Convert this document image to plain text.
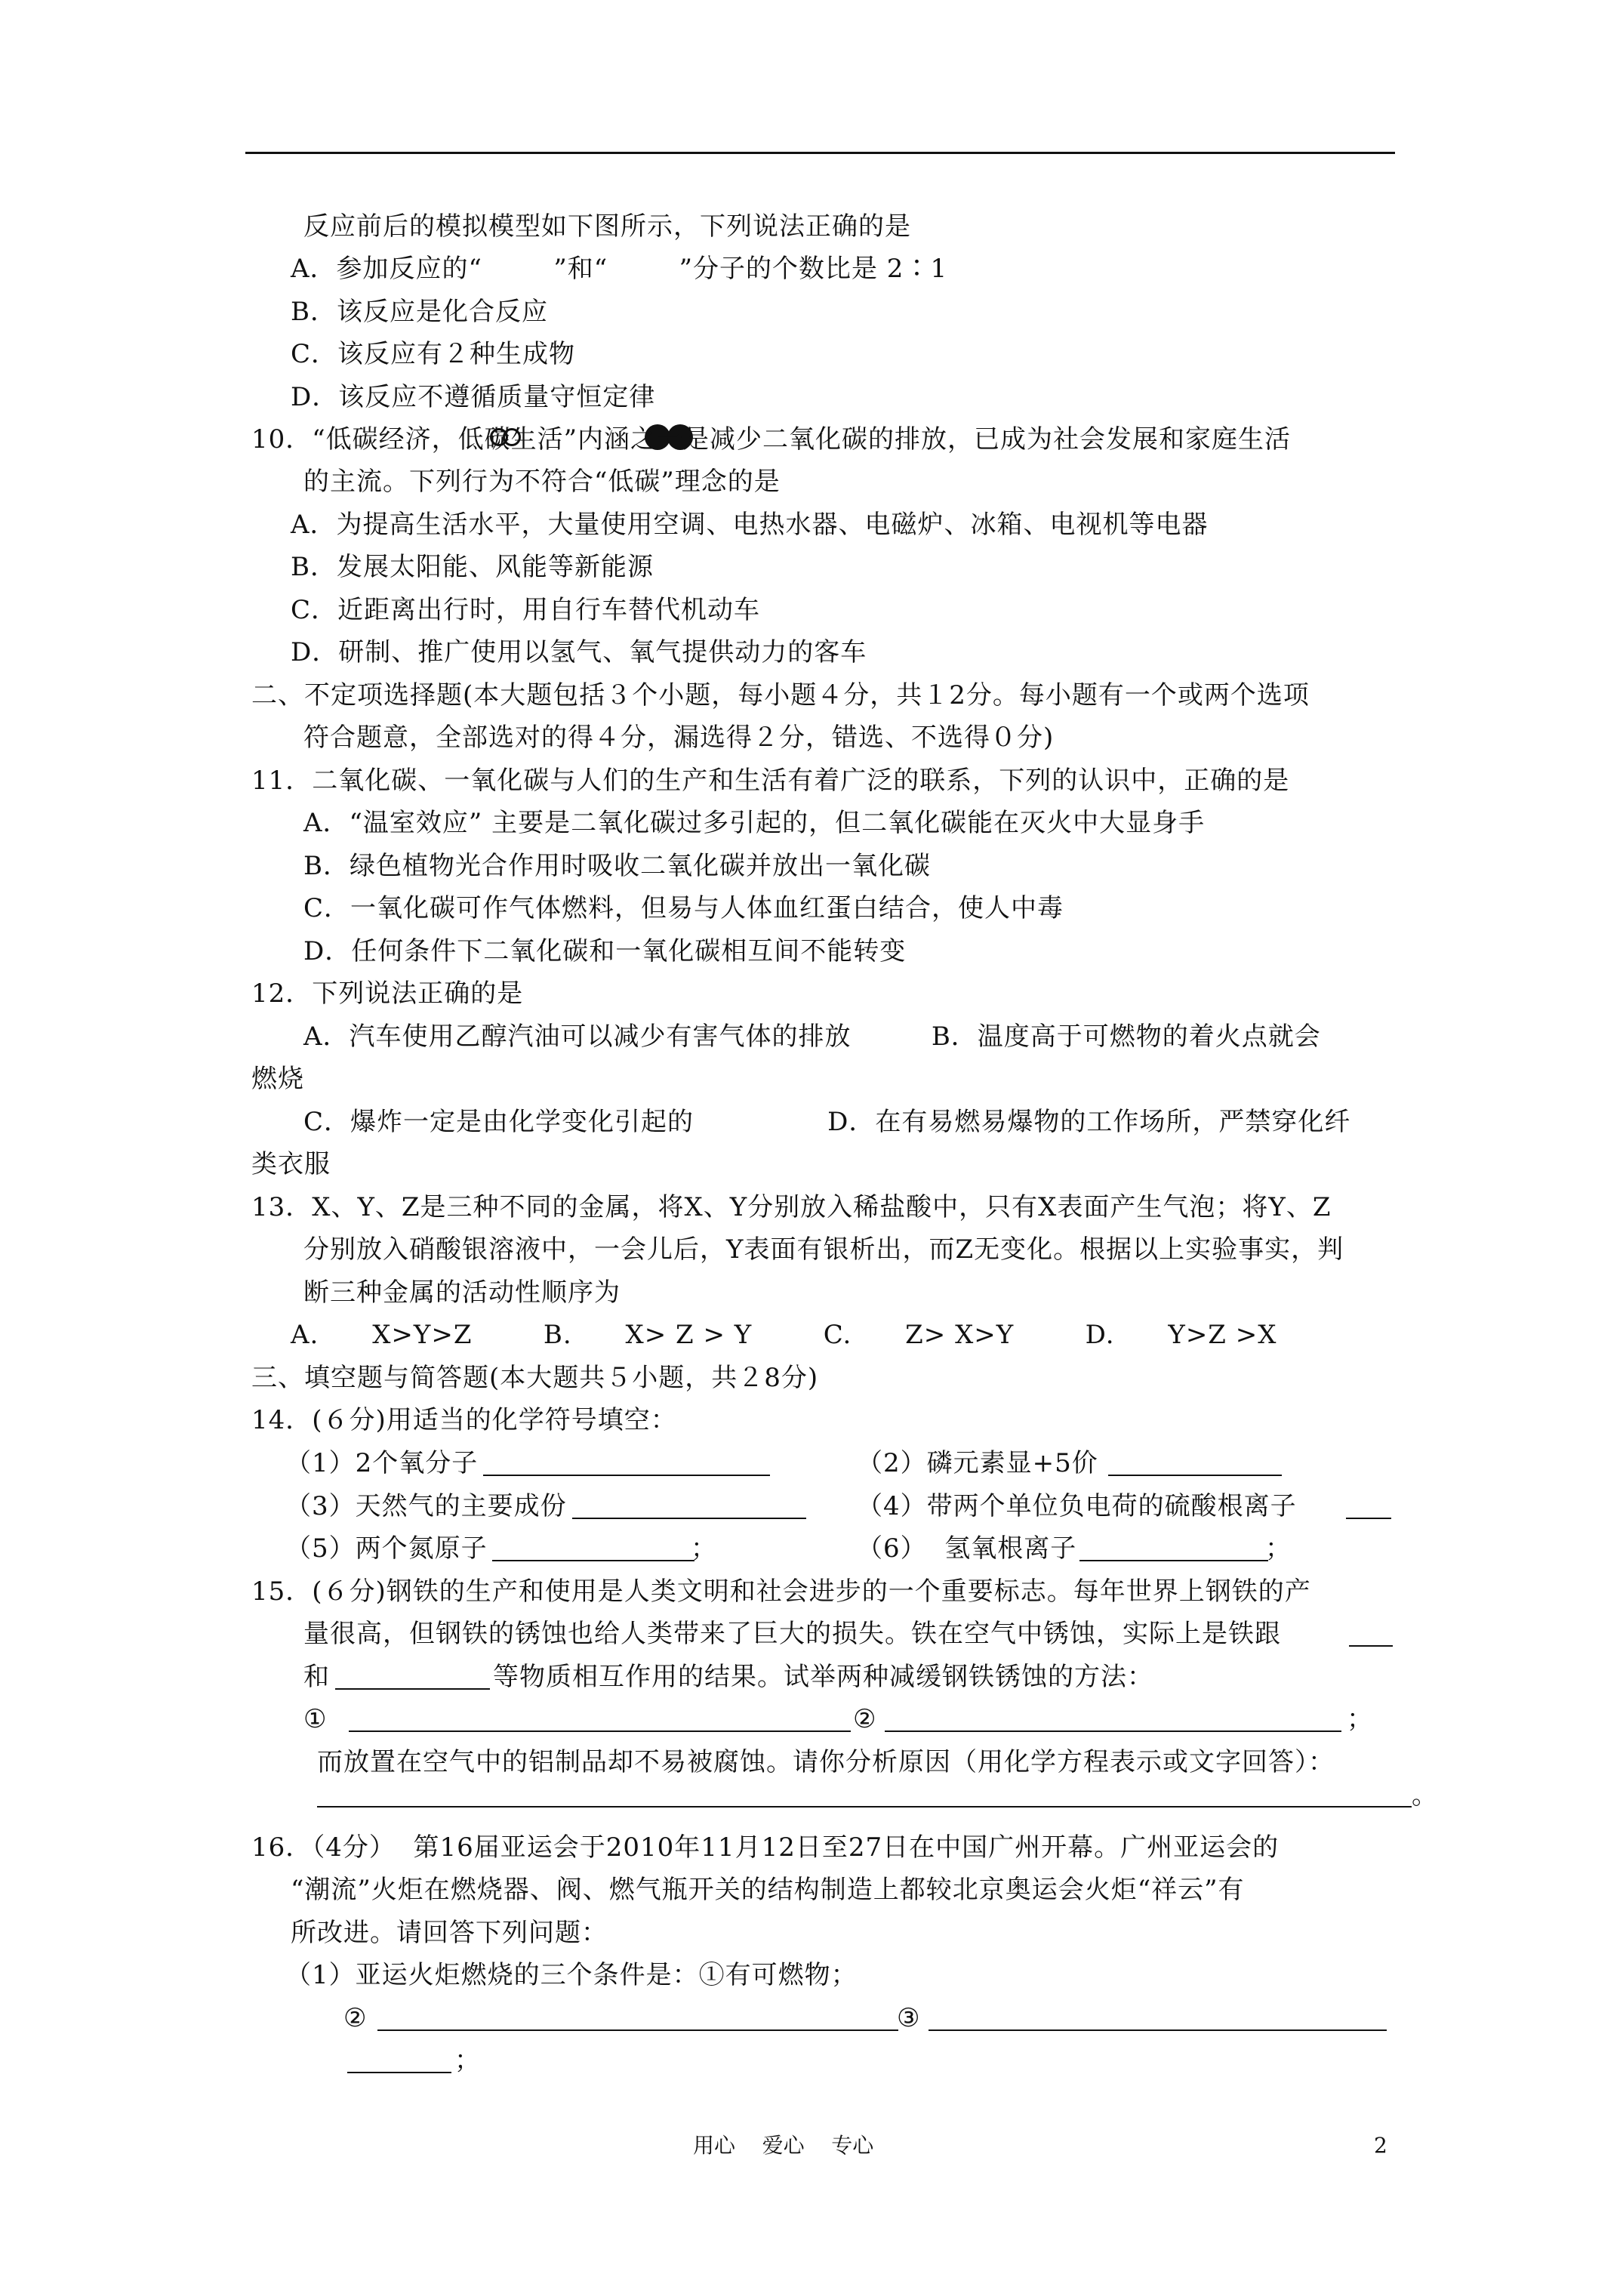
反应前后的模拟模型如下图所示，下列说法正确的是
A．参加反应的“        ”和“        ”分子的个数比是 2∶1
B．该反应是化合反应
C．该反应有２种生成物
D．该反应不遵循质量守恒定律
10．“低碳经济，低碳生活”内涵之一是减少二氧化碳的排放，已成为社会发展和家庭生活
的主流。下列行为不符合“低碳”理念的是
A．为提高生活水平，大量使用空调、电热水器、电磁炉、冰箱、电视机等电器
B．发展太阳能、风能等新能源
C．近距离出行时，用自行车替代机动车
D．研制、推广使用以氢气、氧气提供动力的客车
二、不定项选择题(本大题包括３个小题，每小题４分，共１2分。每小题有一个或两个选项
符合题意，全部选对的得４分，漏选得２分，错选、不选得０分)
11．二氧化碳、一氧化碳与人们的生产和生活有着广泛的联系，下列的认识中，正确的是
A．“温室效应” 主要是二氧化碳过多引起的，但二氧化碳能在灭火中大显身手
B．绿色植物光合作用时吸收二氧化碳并放出一氧化碳
C．一氧化碳可作气体燃料，但易与人体血红蛋白结合，使人中毒
D．任何条件下二氧化碳和一氧化碳相互间不能转变
12．下列说法正确的是
A．汽车使用乙醇汽油可以减少有害气体的排放         B．温度高于可燃物的着火点就会
燃烧
C．爆炸一定是由化学变化引起的               D．在有易燃易爆物的工作场所，严禁穿化纤
类衣服
13．X、Y、Z是三种不同的金属，将X、Y分别放入稀盐酸中，只有X表面产生气泡；将Y、Z
分别放入硝酸银溶液中，一会儿后，Y表面有银析出，而Z无变化。根据以上实验事实，判
断三种金属的活动性顺序为
A.      X>Y>Z        B.      X> Z > Y        C.      Z> X>Y        D.      Y>Z >X
三、填空题与简答题(本大题共５小题，共２8分)
14．(６分)用适当的化学符号填空：
（1）2个氧分子	（2）磷元素显+5价
（3）天然气的主要成份	（4）带两个单位负电荷的硫酸根离子
（5）两个氮原子	；	（6）  氢氧根离子	；
15．(６分)钢铁的生产和使用是人类文明和社会进步的一个重要标志。每年世界上钢铁的产
量很高，但钢铁的锈蚀也给人类带来了巨大的损失。铁在空气中锈蚀，实际上是铁跟
和	等物质相互作用的结果。试举两种减缓钢铁锈蚀的方法：
①	②	；
而放置在空气中的铝制品却不易被腐蚀。请你分析原因（用化学方程表示或文字回答）：
。
16．（4分）  第16届亚运会于2010年11月12日至27日在中国广州开幕。广州亚运会的
“潮流”火炬在燃烧器、阀、燃气瓶开关的结构制造上都较北京奥运会火炬“祥云”有
所改进。请回答下列问题：
（1）亚运火炬燃烧的三个条件是：①有可燃物；
②	③
；
用心    爱心    专心	2
